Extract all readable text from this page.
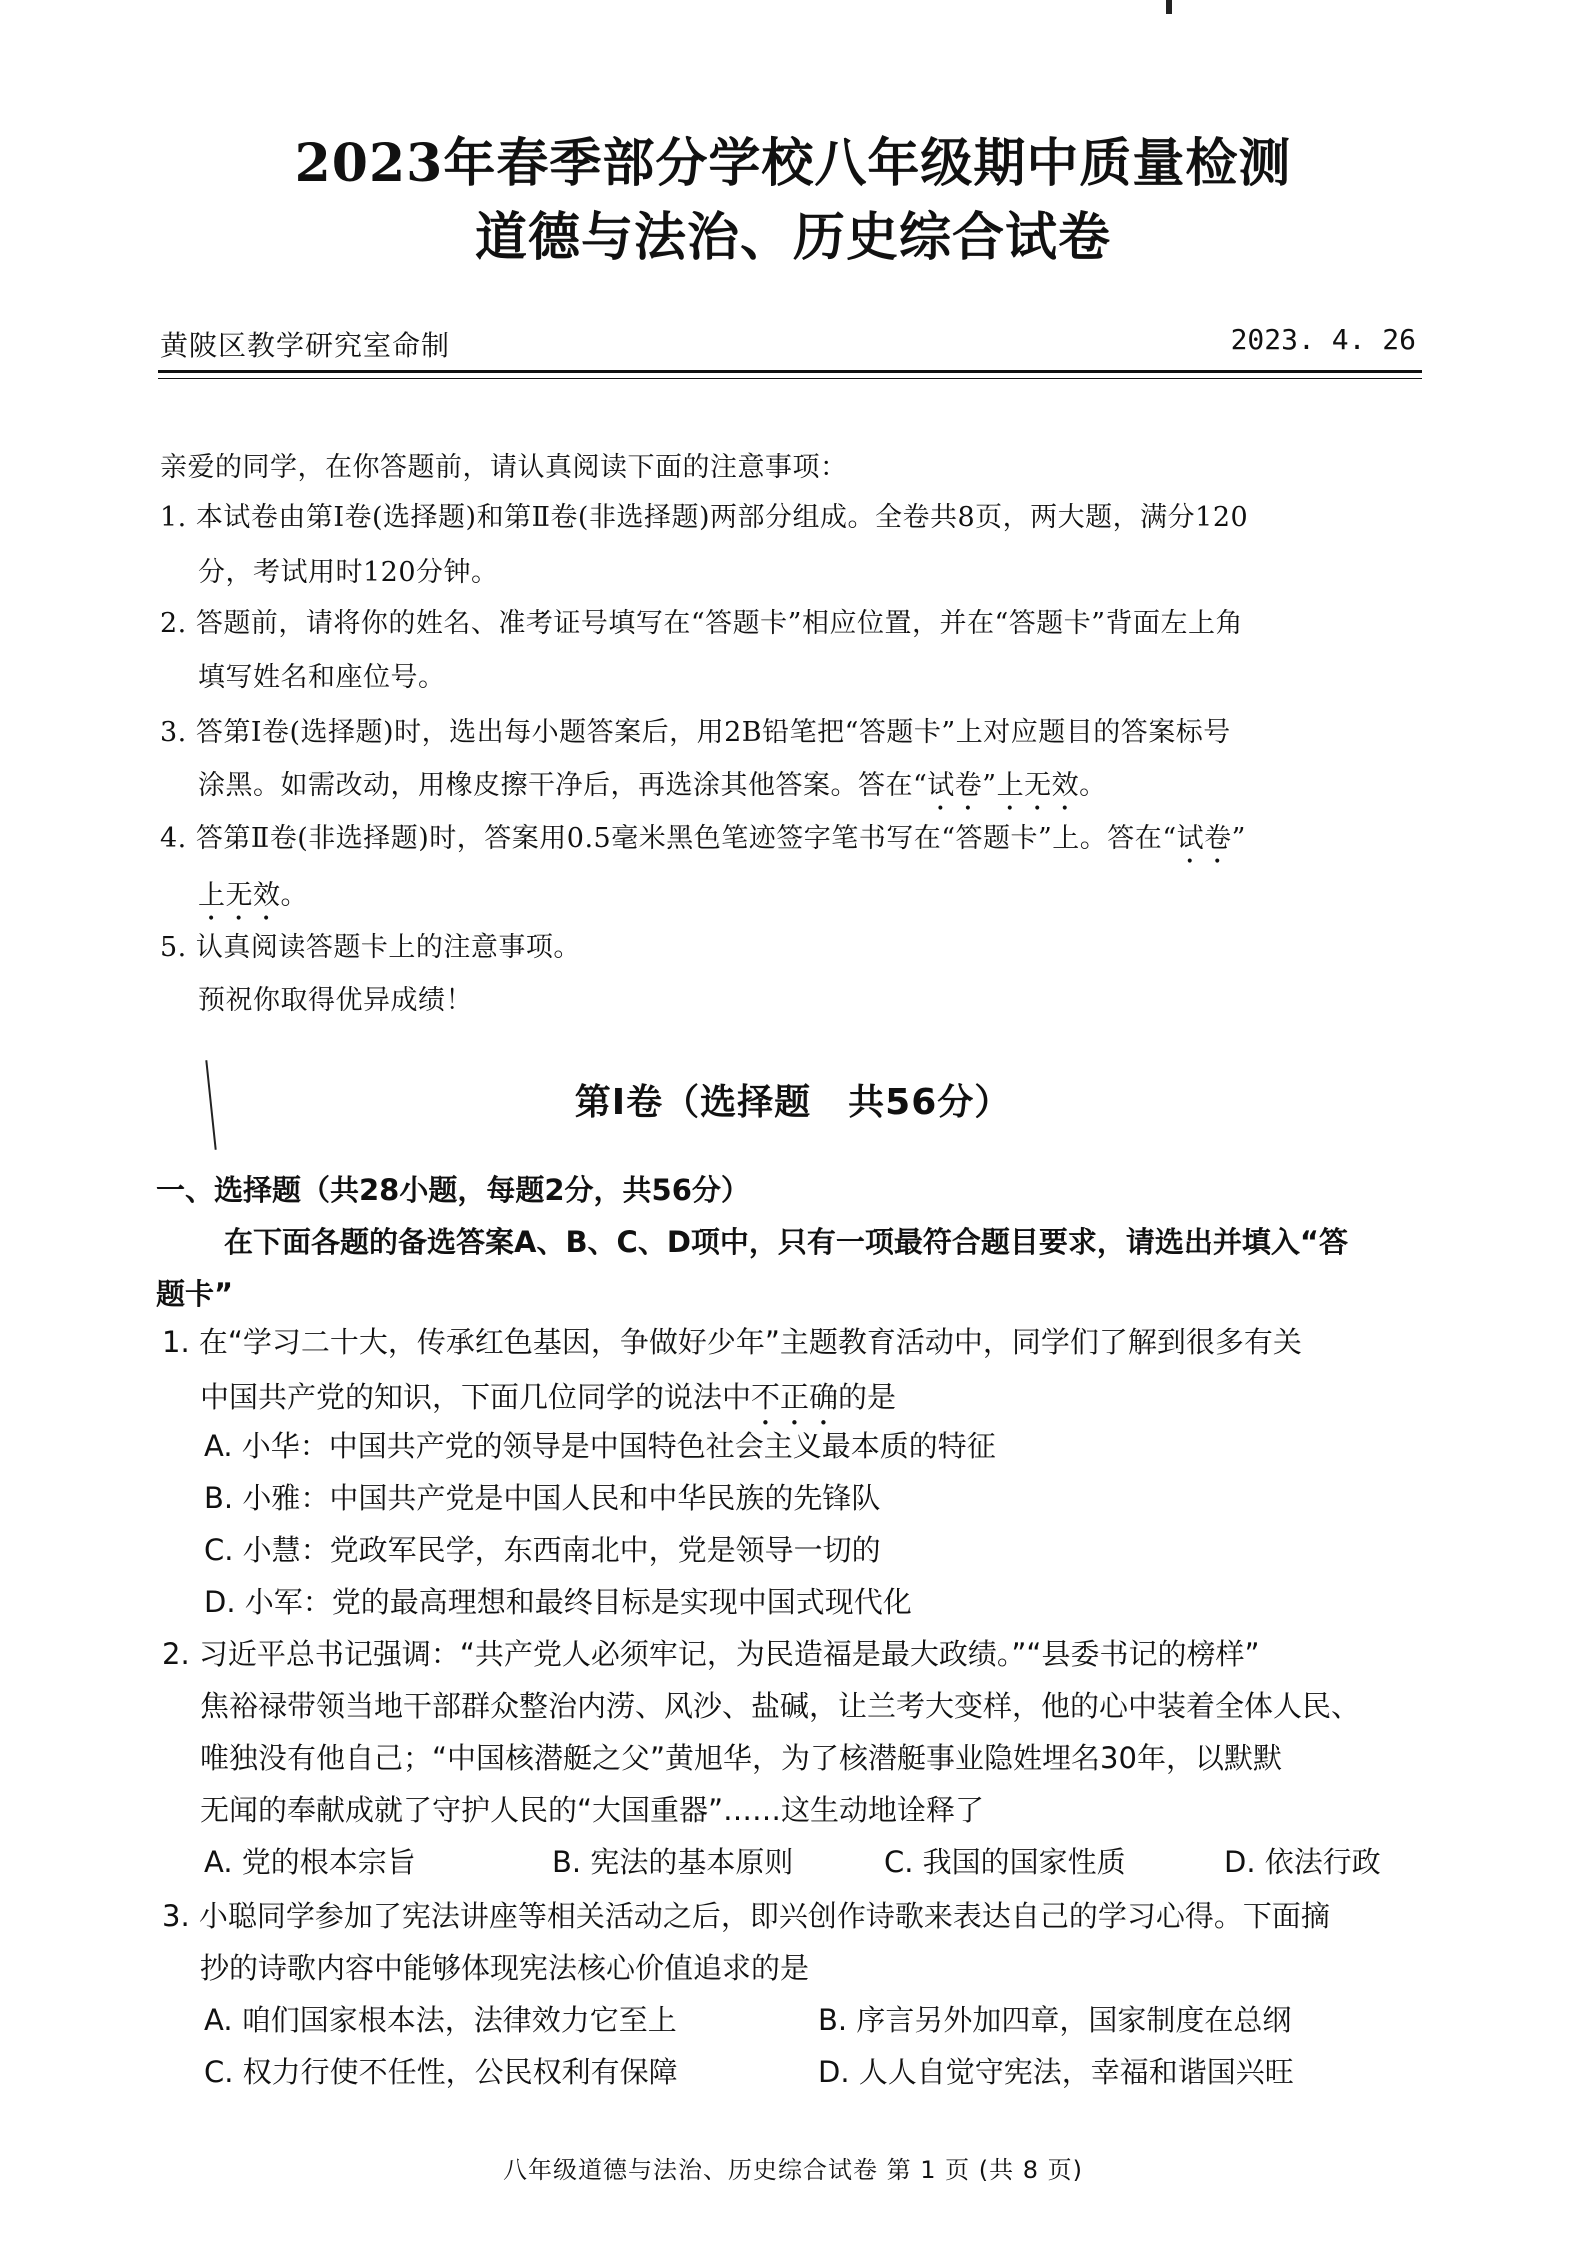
2023年春季部分学校八年级期中质量检测
道德与法治、历史综合试卷
黄陂区教学研究室命制	2023. 4. 26
亲爱的同学，在你答题前，请认真阅读下面的注意事项：
1. 本试卷由第Ⅰ卷(选择题)和第Ⅱ卷(非选择题)两部分组成。全卷共8页，两大题，满分120
分，考试用时120分钟。
2. 答题前，请将你的姓名、准考证号填写在“答题卡”相应位置，并在“答题卡”背面左上角
填写姓名和座位号。
3. 答第Ⅰ卷(选择题)时，选出每小题答案后，用2B铅笔把“答题卡”上对应题目的答案标号
涂黑。如需改动，用橡皮擦干净后，再选涂其他答案。答在“试卷”上无效。
4. 答第Ⅱ卷(非选择题)时，答案用0.5毫米黑色笔迹签字笔书写在“答题卡”上。答在“试卷”
上无效。
5. 认真阅读答题卡上的注意事项。
预祝你取得优异成绩！
第Ⅰ卷（选择题　共56分）
一、选择题（共28小题，每题2分，共56分）
在下面各题的备选答案A、B、C、D项中，只有一项最符合题目要求，请选出并填入“答
题卡”
1. 在“学习二十大，传承红色基因，争做好少年”主题教育活动中，同学们了解到很多有关
中国共产党的知识，下面几位同学的说法中不正确的是
A. 小华：中国共产党的领导是中国特色社会主义最本质的特征
B. 小雅：中国共产党是中国人民和中华民族的先锋队
C. 小慧：党政军民学，东西南北中，党是领导一切的
D. 小军：党的最高理想和最终目标是实现中国式现代化
2. 习近平总书记强调：“共产党人必须牢记，为民造福是最大政绩。”“县委书记的榜样”
焦裕禄带领当地干部群众整治内涝、风沙、盐碱，让兰考大变样，他的心中装着全体人民、
唯独没有他自己；“中国核潜艇之父”黄旭华，为了核潜艇事业隐姓埋名30年，以默默
无闻的奉献成就了守护人民的“大国重器”……这生动地诠释了
A. 党的根本宗旨	B. 宪法的基本原则	C. 我国的国家性质	D. 依法行政
3. 小聪同学参加了宪法讲座等相关活动之后，即兴创作诗歌来表达自己的学习心得。下面摘
抄的诗歌内容中能够体现宪法核心价值追求的是
A. 咱们国家根本法，法律效力它至上	B. 序言另外加四章，国家制度在总纲
C. 权力行使不任性，公民权利有保障	D. 人人自觉守宪法，幸福和谐国兴旺
八年级道德与法治、历史综合试卷 第 1 页 (共 8 页)
